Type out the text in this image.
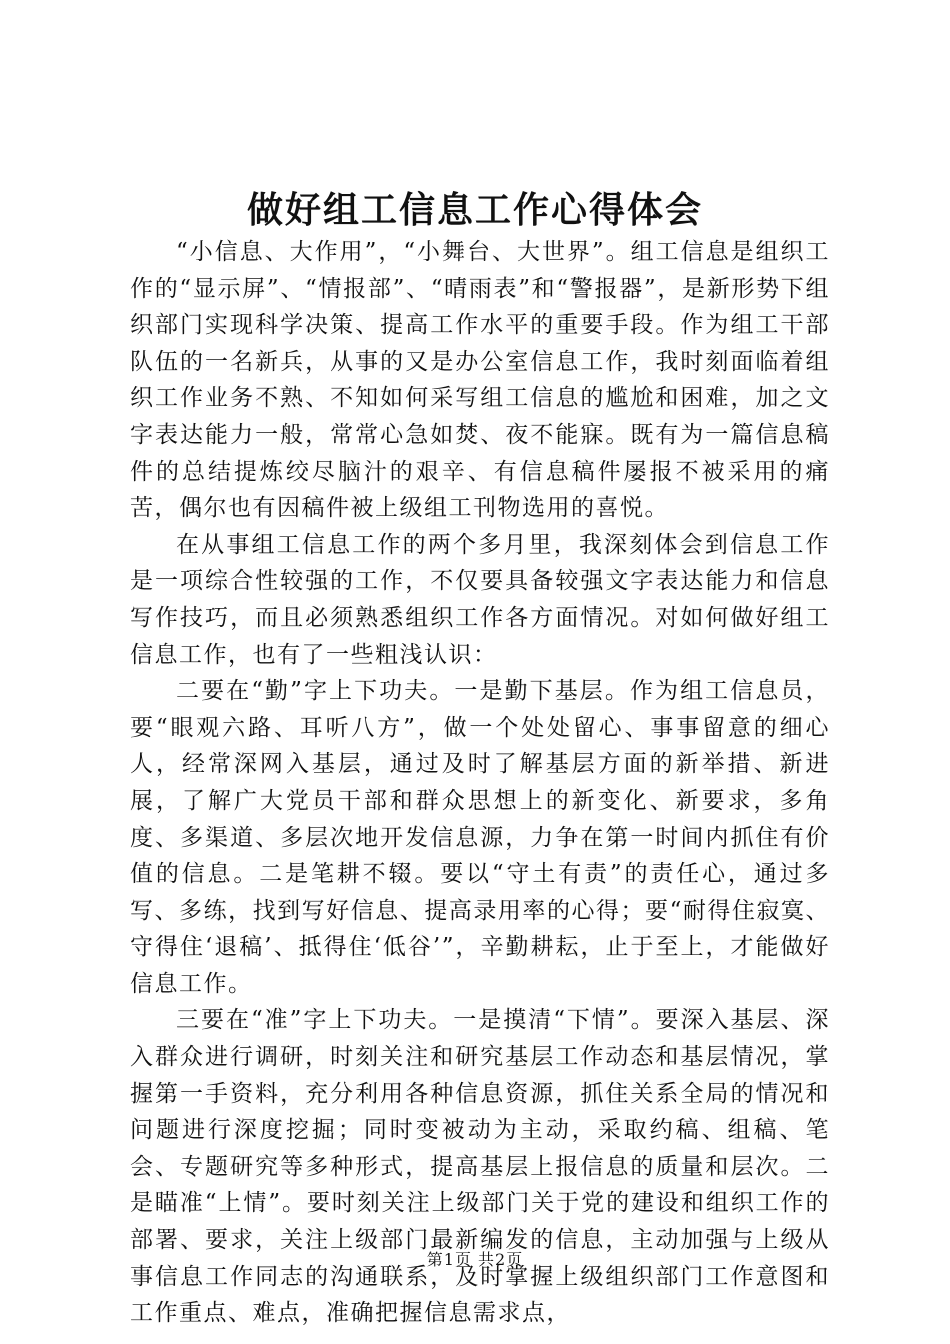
做好组工信息工作心得体会

“小信息、大作用”，“小舞台、大世界”。组工信息是组织工作的“显示屏”、“情报部”、“晴雨表”和“警报器”，是新形势下组织部门实现科学决策、提高工作水平的重要手段。作为组工干部队伍的一名新兵，从事的又是办公室信息工作，我时刻面临着组织工作业务不熟、不知如何采写组工信息的尴尬和困难，加之文字表达能力一般，常常心急如焚、夜不能寐。既有为一篇信息稿件的总结提炼绞尽脑汁的艰辛、有信息稿件屡报不被采用的痛苦，偶尔也有因稿件被上级组工刊物选用的喜悦。

在从事组工信息工作的两个多月里，我深刻体会到信息工作是一项综合性较强的工作，不仅要具备较强文字表达能力和信息写作技巧，而且必须熟悉组织工作各方面情况。对如何做好组工信息工作，也有了一些粗浅认识：

二要在“勤”字上下功夫。一是勤下基层。作为组工信息员，要“眼观六路、耳听八方”，做一个处处留心、事事留意的细心人，经常深网入基层，通过及时了解基层方面的新举措、新进展，了解广大党员干部和群众思想上的新变化、新要求，多角度、多渠道、多层次地开发信息源，力争在第一时间内抓住有价值的信息。二是笔耕不辍。要以“守土有责”的责任心，通过多写、多练，找到写好信息、提高录用率的心得；要“耐得住寂寞、守得住‘退稿’、抵得住‘低谷’”，辛勤耕耘，止于至上，才能做好信息工作。

三要在“准”字上下功夫。一是摸清“下情”。要深入基层、深入群众进行调研，时刻关注和研究基层工作动态和基层情况，掌握第一手资料，充分利用各种信息资源，抓住关系全局的情况和问题进行深度挖掘；同时变被动为主动，采取约稿、组稿、笔会、专题研究等多种形式，提高基层上报信息的质量和层次。二是瞄准“上情”。要时刻关注上级部门关于党的建设和组织工作的部署、要求，关注上级部门最新编发的信息，主动加强与上级从事信息工作同志的沟通联系，及时掌握上级组织部门工作意图和工作重点、难点，准确把握信息需求点，

第1页 共2页
